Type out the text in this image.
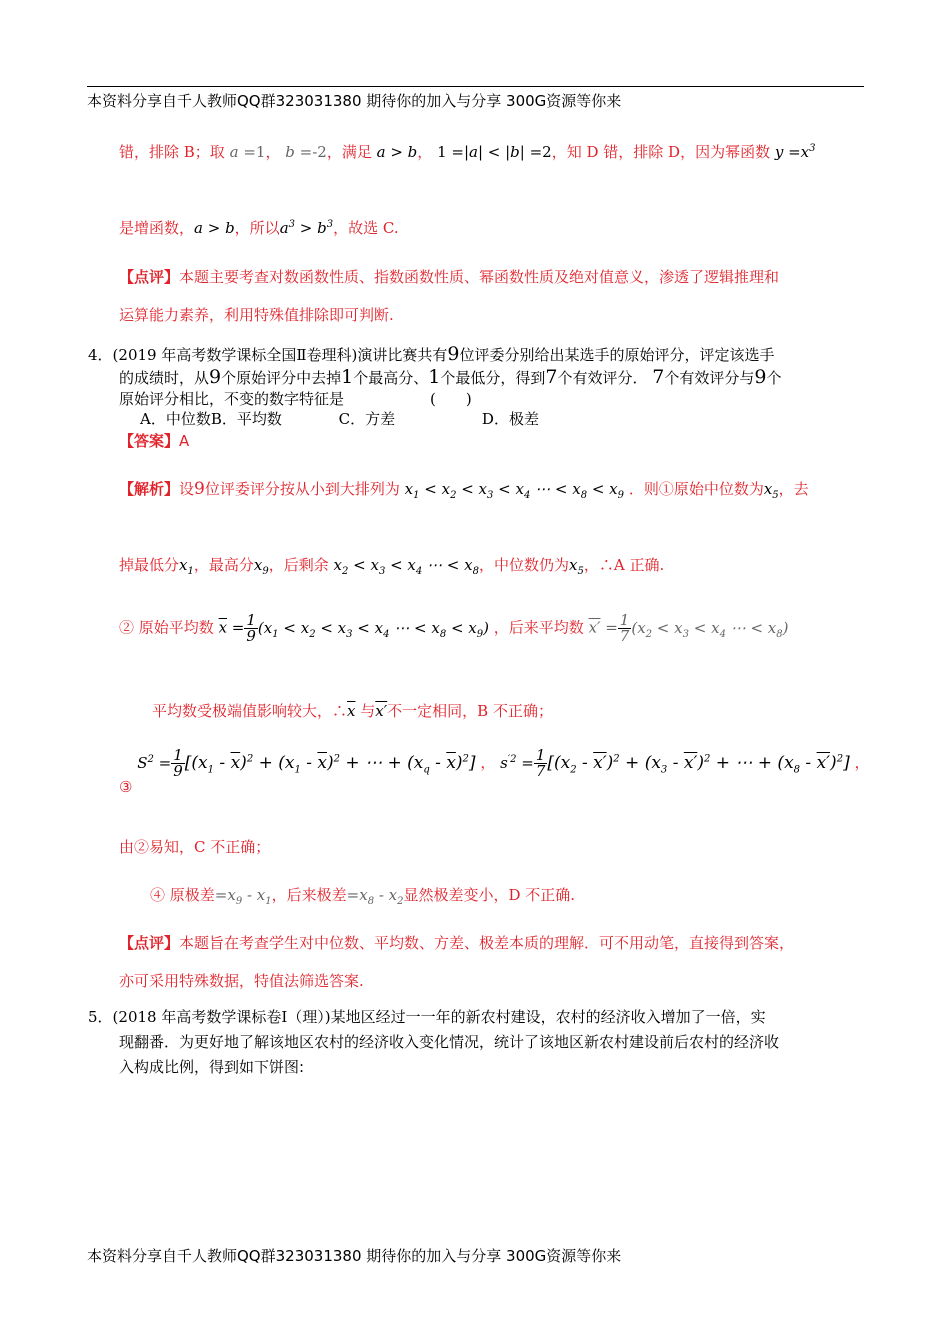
本资料分享自千人教师QQ群323031380 期待你的加入与分享 300G资源等你来
错，排除 B；取 a =1， b =-2，满足 a > b， 1 =|a| < |b| =2，知 D 错，排除 D，因为幂函数 $y =x^3$
是增函数，a > b，所以$a^3 > b^3$，故选 C.
【点评】本题主要考查对数函数性质、指数函数性质、幂函数性质及绝对值意义，渗透了逻辑推理和
运算能力素养，利用特殊值排除即可判断.
4．(2019 年高考数学课标全国Ⅱ卷理科)演讲比赛共有9位评委分别给出某选手的原始评分，评定该选手
的成绩时，从9个原始评分中去掉1个最高分、1个最低分，得到7个有效评分． 7个有效评分与9个
原始评分相比，不变的数字特征是	(　　)
A．中位数B．平均数	C．方差	D．极差
【答案】A
【解析】设9位评委评分按从小到大排列为 $x_1 < x_2 < x_3 < x_4$ ⋯ < $x_8 < x_9$ ．则①原始中位数为$x_5$，去
掉最低分$x_1$，最高分$x_9$，后剩余 $x_2 < x_3 < x_4$ ⋯ < $x_8$，中位数仍为$x_5$，∴A 正确.
② 原始平均数 $\overline{x} = \frac{1}{9} (x_1 < x_2 < x_3 < x_4$ ⋯ < $x_8 < x_9$) ，后来平均数 $x' = \frac{1}{7} (x_2 < x_3 < x_4$ ⋯ < $x_8$)
平均数受极端值影响较大，$\therefore\overline{x}$ 与x′不一定相同，B 不正确；
③ $S^2 = \frac{1}{9} [(x_1 - \overline{x})^2 + (x_1 - \overline{x})^2$ + ⋯ + $(x_q - \overline{x})^2$] ， $s^{'2} = \frac{1}{7} [(x_2 - x')^2 + (x_3 - x')^2$ + ⋯ + $(x_8 - x')^2$] ，
由②易知，C 不正确；
④ 原极差$=x_9 - x_1$，后来极差$=x_8 - x_2$显然极差变小，D 不正确.
【点评】本题旨在考查学生对中位数、平均数、方差、极差本质的理解．可不用动笔，直接得到答案，
亦可采用特殊数据，特值法筛选答案.
5．(2018 年高考数学课标卷Ⅰ（理）)某地区经过一一年的新农村建设，农村的经济收入增加了一倍，实
现翻番．为更好地了解该地区农村的经济收入变化情况，统计了该地区新农村建设前后农村的经济收
入构成比例，得到如下饼图:
本资料分享自千人教师QQ群323031380 期待你的加入与分享 300G资源等你来
